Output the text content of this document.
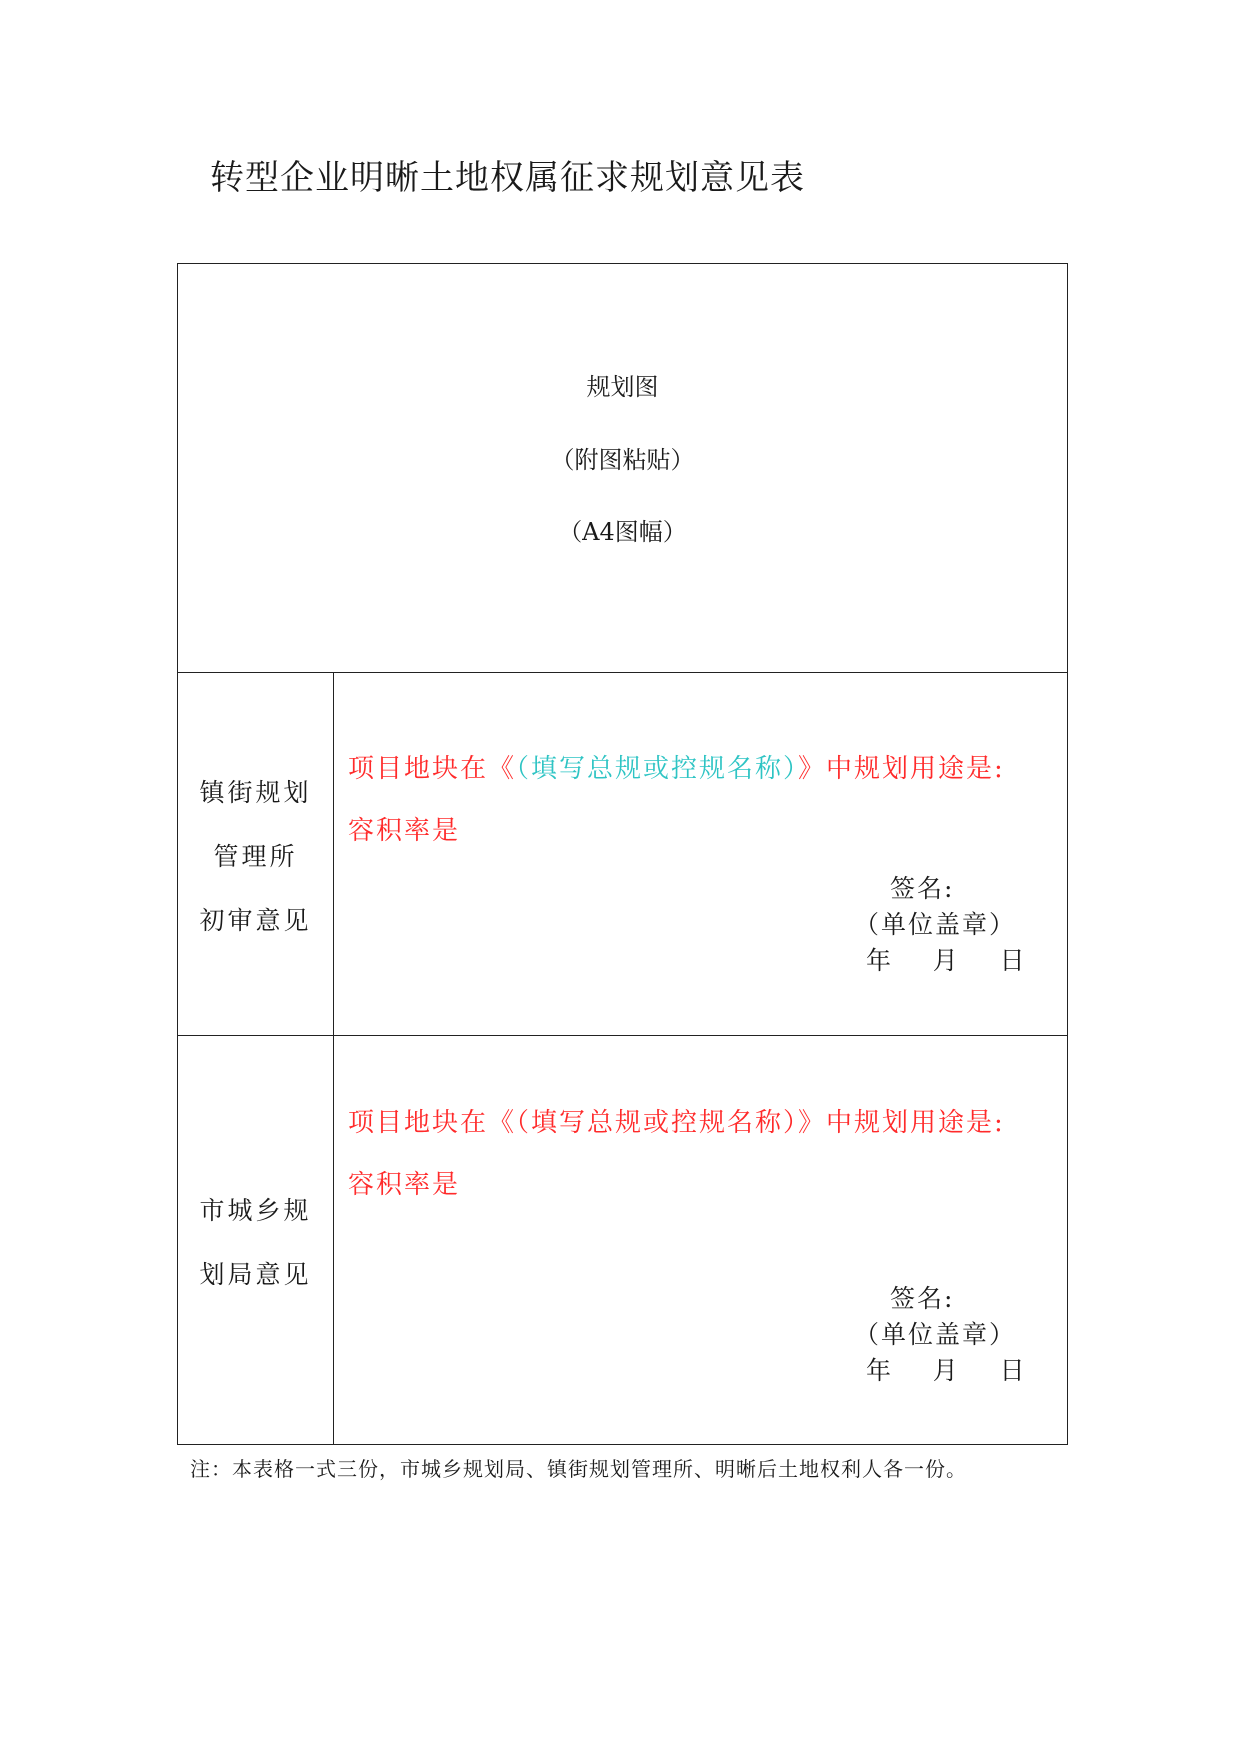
转型企业明晰土地权属征求规划意见表
规划图
（附图粘贴）
（A4图幅）
镇街规划
管理所
初审意见
项目地块在《（填写总规或控规名称）》中规划用途是:
容积率是
签名:
（单位盖章）
年    月    日
市城乡规
划局意见
项目地块在《（填写总规或控规名称）》中规划用途是:
容积率是
签名:
（单位盖章）
年    月    日
注：本表格一式三份，市城乡规划局、镇街规划管理所、明晰后土地权利人各一份。
